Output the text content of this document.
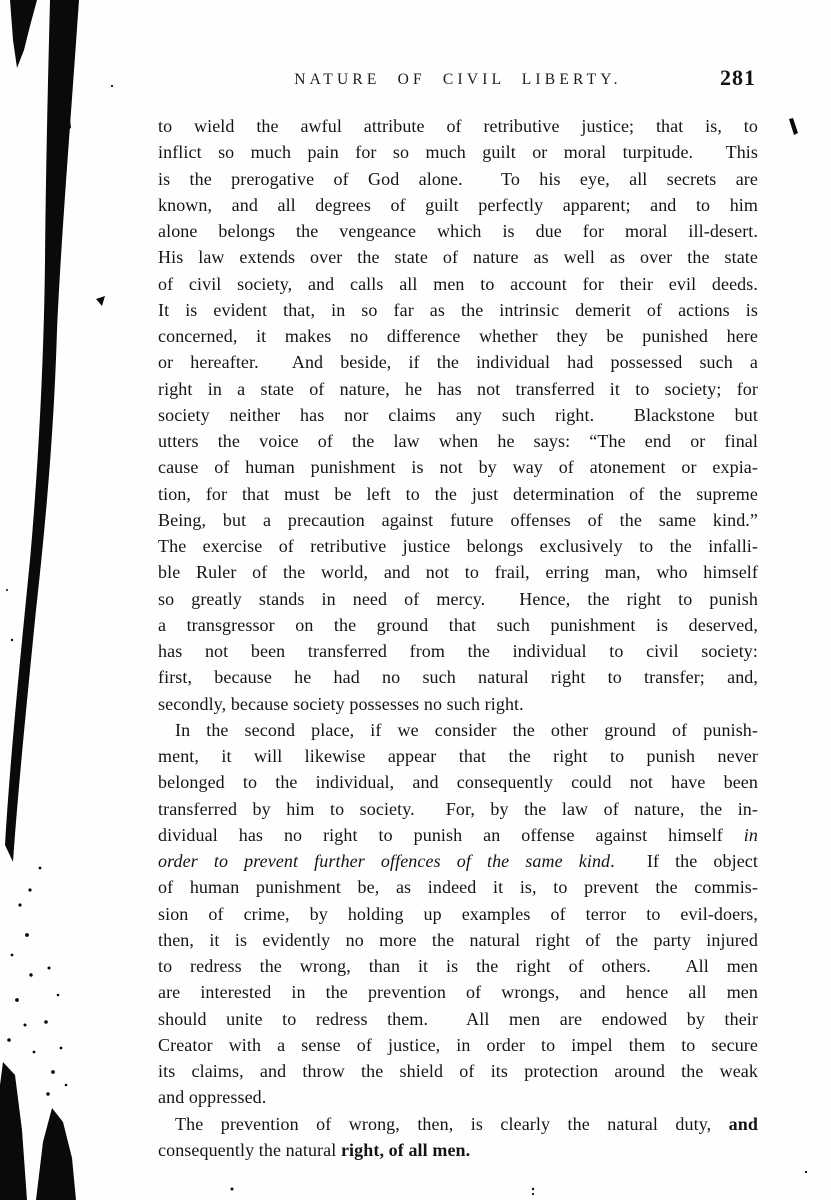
NATURE OF CIVIL LIBERTY.	281
to wield the awful attribute of retributive justice; that is, to
inflict so much pain for so much guilt or moral turpitude.  This
is the prerogative of God alone.  To his eye, all secrets are
known, and all degrees of guilt perfectly apparent; and to him
alone belongs the vengeance which is due for moral ill-desert.
His law extends over the state of nature as well as over the state
of civil society, and calls all men to account for their evil deeds.
It is evident that, in so far as the intrinsic demerit of actions is
concerned, it makes no difference whether they be punished here
or hereafter.  And beside, if the individual had possessed such a
right in a state of nature, he has not transferred it to society; for
society neither has nor claims any such right.  Blackstone but
utters the voice of the law when he says: “The end or final
cause of human punishment is not by way of atonement or expia-
tion, for that must be left to the just determination of the supreme
Being, but a precaution against future offenses of the same kind.”
The exercise of retributive justice belongs exclusively to the infalli-
ble Ruler of the world, and not to frail, erring man, who himself
so greatly stands in need of mercy.  Hence, the right to punish
a transgressor on the ground that such punishment is deserved,
has not been transferred from the individual to civil society:
first, because he had no such natural right to transfer; and,
secondly, because society possesses no such right.
In the second place, if we consider the other ground of punish-
ment, it will likewise appear that the right to punish never
belonged to the individual, and consequently could not have been
transferred by him to society.  For, by the law of nature, the in-
dividual has no right to punish an offense against himself in
order to prevent further offences of the same kind.  If the object
of human punishment be, as indeed it is, to prevent the commis-
sion of crime, by holding up examples of terror to evil-doers,
then, it is evidently no more the natural right of the party injured
to redress the wrong, than it is the right of others.  All men
are interested in the prevention of wrongs, and hence all men
should unite to redress them.  All men are endowed by their
Creator with a sense of justice, in order to impel them to secure
its claims, and throw the shield of its protection around the weak
and oppressed.
The prevention of wrong, then, is clearly the natural duty, and
consequently the natural right, of all men.
